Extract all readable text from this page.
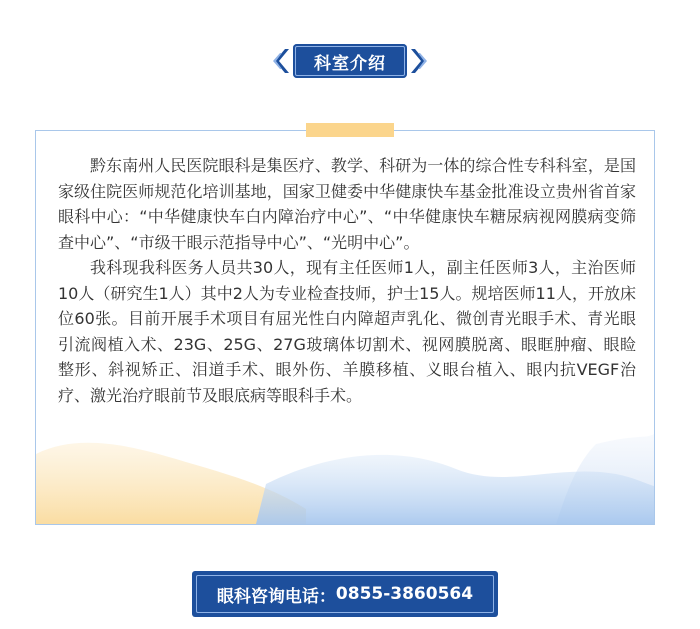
科室介绍

黔东南州人民医院眼科是集医疗、教学、科研为一体的综合性专科科室，是国家级住院医师规范化培训基地，国家卫健委中华健康快车基金批准设立贵州省首家眼科中心：“中华健康快车白内障治疗中心”、“中华健康快车糖尿病视网膜病变筛查中心”、“市级干眼示范指导中心”、“光明中心”。

我科现我科医务人员共30人，现有主任医师1人，副主任医师3人，主治医师10人（研究生1人）其中2人为专业检查技师，护士15人。规培医师11人，开放床位60张。目前开展手术项目有屈光性白内障超声乳化、微创青光眼手术、青光眼引流阀植入术、23G、25G、27G玻璃体切割术、视网膜脱离、眼眶肿瘤、眼睑整形、斜视矫正、泪道手术、眼外伤、羊膜移植、义眼台植入、眼内抗VEGF治疗、激光治疗眼前节及眼底病等眼科手术。

眼科咨询电话： 0855-3860564
